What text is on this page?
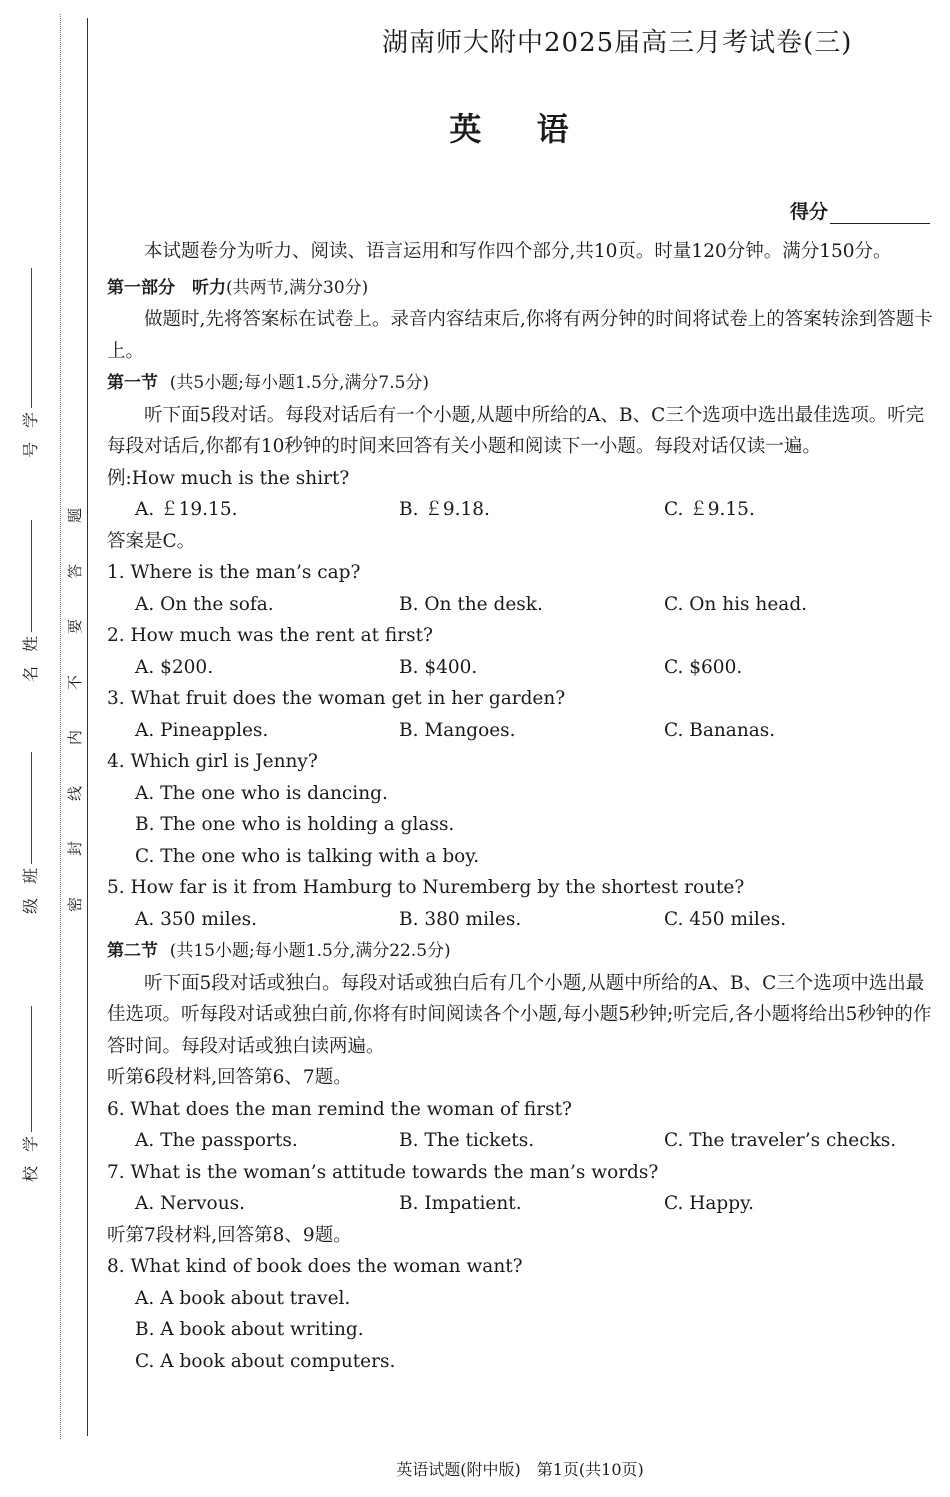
学
号
姓
名
班
级
学
校
题
答
要
不
内
线
封
密
湖南师大附中2025届高三月考试卷(三)
英 语
得分

本试题卷分为听力、阅读、语言运用和写作四个部分,共10页。时量120分钟。满分150分。

第一部分　听力(共两节,满分30分)

做题时,先将答案标在试卷上。录音内容结束后,你将有两分钟的时间将试卷上的答案转涂到答题卡上。

第一节 (共5小题;每小题1.5分,满分7.5分)

听下面5段对话。每段对话后有一个小题,从题中所给的A、B、C三个选项中选出最佳选项。听完每段对话后,你都有10秒钟的时间来回答有关小题和阅读下一小题。每段对话仅读一遍。

例:How much is the shirt?

A. ￡19.15.	B. ￡9.18.	C. ￡9.15.

答案是C。

1. Where is the man’s cap?

A. On the sofa.	B. On the desk.	C. On his head.

2. How much was the rent at first?

A. $200.	B. $400.	C. $600.

3. What fruit does the woman get in her garden?

A. Pineapples.	B. Mangoes.	C. Bananas.

4. Which girl is Jenny?

A. The one who is dancing.

B. The one who is holding a glass.

C. The one who is talking with a boy.

5. How far is it from Hamburg to Nuremberg by the shortest route?

A. 350 miles.	B. 380 miles.	C. 450 miles.

第二节 (共15小题;每小题1.5分,满分22.5分)

听下面5段对话或独白。每段对话或独白后有几个小题,从题中所给的A、B、C三个选项中选出最佳选项。听每段对话或独白前,你将有时间阅读各个小题,每小题5秒钟;听完后,各小题将给出5秒钟的作答时间。每段对话或独白读两遍。

听第6段材料,回答第6、7题。

6. What does the man remind the woman of first?

A. The passports.	B. The tickets.	C. The traveler’s checks.

7. What is the woman’s attitude towards the man’s words?

A. Nervous.	B. Impatient.	C. Happy.

听第7段材料,回答第8、9题。

8. What kind of book does the woman want?

A. A book about travel.

B. A book about writing.

C. A book about computers.

英语试题(附中版)　第1页(共10页)
